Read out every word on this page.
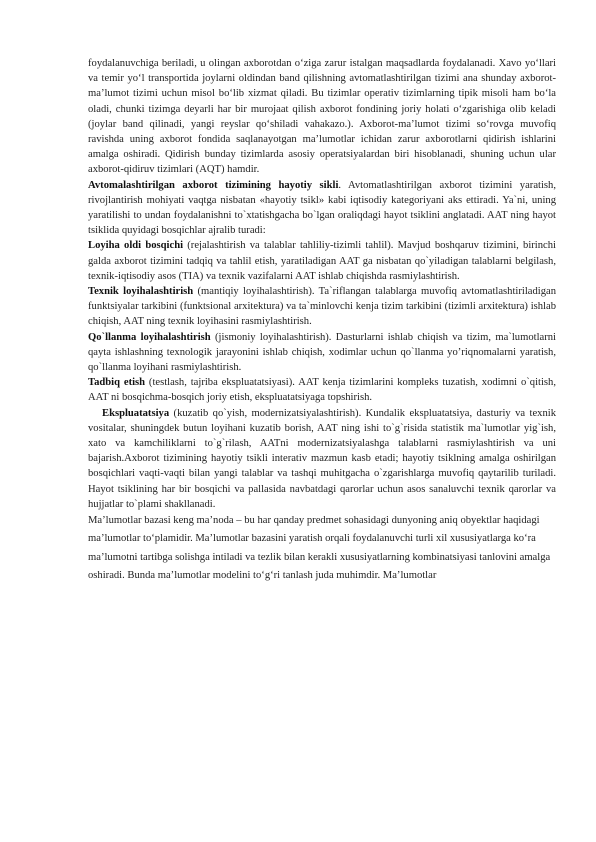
foydalanuvchiga beriladi, u olingan axborotdan o‘ziga zarur istalgan maqsadlarda foydalanadi. Xavo yo‘llari va temir yo‘l transportida joylarni oldindan band qilishning avtomatlashtirilgan tizimi ana shunday axborot-ma’lumot tizimi uchun misol bo‘lib xizmat qiladi. Bu tizimlar operativ tizimlarning tipik misoli ham bo‘la oladi, chunki tizimga deyarli har bir murojaat qilish axborot fondining joriy holati o‘zgarishiga olib keladi (joylar band qilinadi, yangi reyslar qo‘shiladi vahakazo.). Axborot-ma’lumot tizimi so‘rovga muvofiq ravishda uning axborot fondida saqlanayotgan ma’lumotlar ichidan zarur axborotlarni qidirish ishlarini amalga oshiradi. Qidirish bunday tizimlarda asosiy operatsiyalardan biri hisoblanadi, shuning uchun ular axborot-qidiruv tizimlari (AQT) hamdir.

Avtomalashtirilgan axborot tizimining hayotiy sikli. Avtomatlashtirilgan axborot tizimini yaratish, rivojlantirish mohiyati vaqtga nisbatan «hayotiy tsikl» kabi iqtisodiy kategoriyani aks ettiradi. Ya`ni, uning yaratilishi to undan foydalanishni to`xtatishgacha bo`lgan oraliqdagi hayot tsiklini anglatadi. AAT ning hayot tsiklida quyidagi bosqichlar ajralib turadi:

Loyiha oldi bosqichi (rejalashtirish va talablar tahliliy-tizimli tahlil). Mavjud boshqaruv tizimini, birinchi galda axborot tizimini tadqiq va tahlil etish, yaratiladigan AAT ga nisbatan qo`yiladigan talablarni belgilash, texnik-iqtisodiy asos (TIA) va texnik vazifalarni AAT ishlab chiqishda rasmiylashtirish.

Texnik loyihalashtirish (mantiqiy loyihalashtirish). Ta`riflangan talablarga muvofiq avtomatlashtiriladigan funktsiyalar tarkibini (funktsional arxitektura) va ta`minlovchi kenja tizim tarkibini (tizimli arxitektura) ishlab chiqish, AAT ning texnik loyihasini rasmiylashtirish.

Qo`llanma loyihalashtirish (jismoniy loyihalashtirish). Dasturlarni ishlab chiqish va tizim, ma`lumotlarni qayta ishlashning texnologik jarayonini ishlab chiqish, xodimlar uchun qo`llanma yo’riqnomalarni yaratish, qo`llanma loyihani rasmiylashtirish.

Tadbiq etish (testlash, tajriba ekspluatatsiyasi). AAT kenja tizimlarini kompleks tuzatish, xodimni o`qitish, AAT ni bosqichma-bosqich joriy etish, ekspluatatsiyaga topshirish.

Ekspluatatsiya (kuzatib qo`yish, modernizatsiyalashtirish). Kundalik ekspluatatsiya, dasturiy va texnik vositalar, shuningdek butun loyihani kuzatib borish, AAT ning ishi to`g`risida statistik ma`lumotlar yig`ish, xato va kamchiliklarni to`g`rilash, AATni modernizatsiyalashga talablarni rasmiylashtirish va uni bajarish.Axborot tizimining hayotiy tsikli interativ mazmun kasb etadi; hayotiy tsiklning amalga oshirilgan bosqichlari vaqti-vaqti bilan yangi talablar va tashqi muhitgacha o`zgarishlarga muvofiq qaytarilib turiladi. Hayot tsiklining har bir bosqichi va pallasida navbatdagi qarorlar uchun asos sanaluvchi texnik qarorlar va hujjatlar to`plami shakllanadi.

Ma’lumotlar bazasi keng ma’noda – bu har qanday predmet sohasidagi dunyoning aniq obyektlar haqidagi ma’lumotlar to‘plamidir. Ma’lumotlar bazasini yaratish orqali foydalanuvchi turli xil xususiyatlarga ko‘ra ma’lumotni tartibga solishga intiladi va tezlik bilan kerakli xususiyatlarning kombinatsiyasi tanlovini amalga oshiradi. Bunda ma’lumotlar modelini to‘g‘ri tanlash juda muhimdir. Ma’lumotlar
